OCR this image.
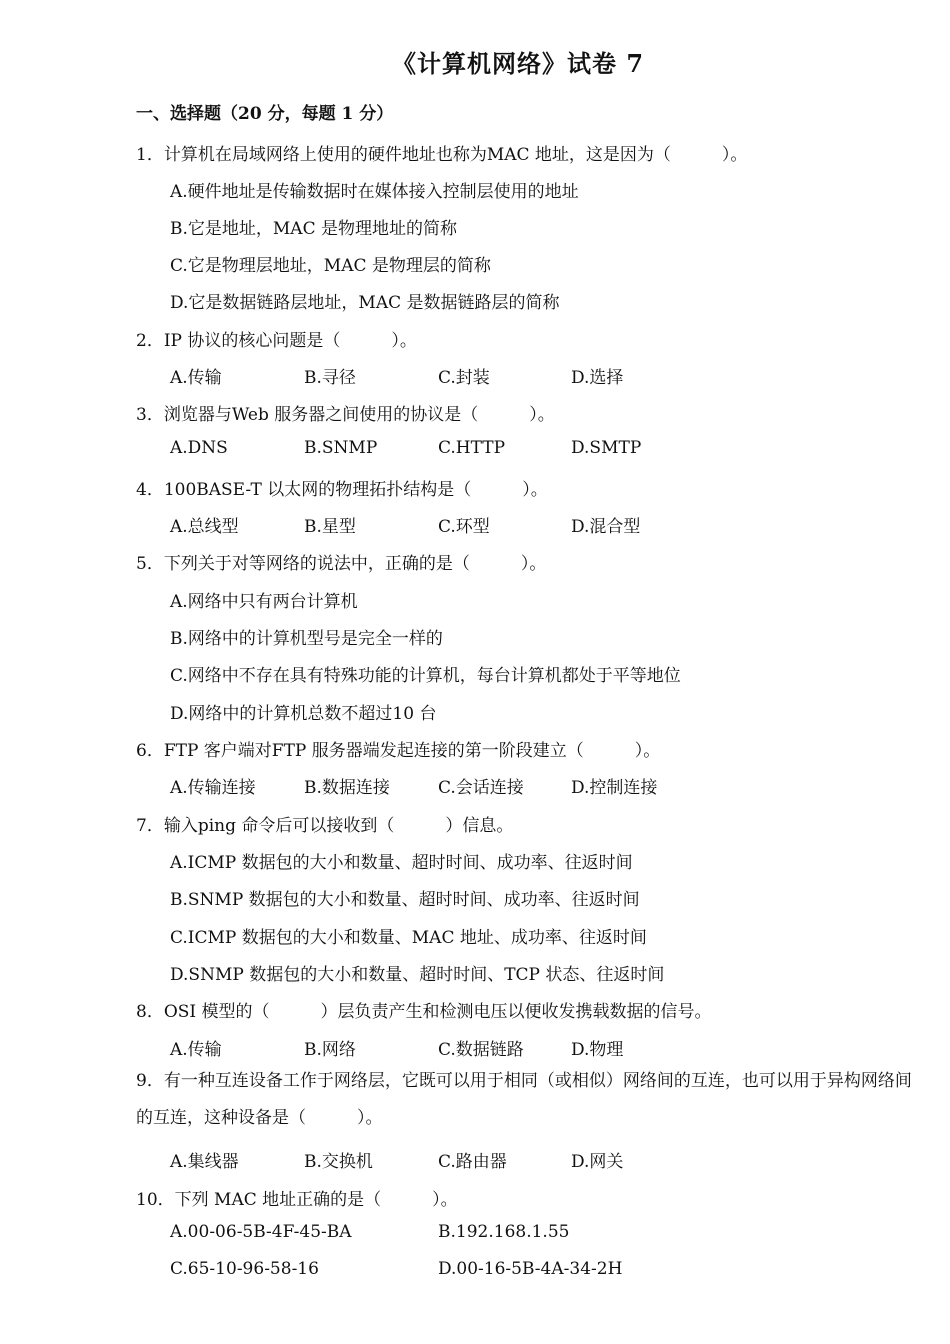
《计算机网络》试卷 7
一、选择题（20 分，每题 1 分）
1．计算机在局域网络上使用的硬件地址也称为MAC 地址，这是因为（　　　）。
A.硬件地址是传输数据时在媒体接入控制层使用的地址
B.它是地址，MAC 是物理地址的简称
C.它是物理层地址，MAC 是物理层的简称
D.它是数据链路层地址，MAC 是数据链路层的简称
2．IP 协议的核心问题是（　　　）。
A.传输	B.寻径	C.封装	D.选择
3．浏览器与Web 服务器之间使用的协议是（　　　）。
A.DNS	B.SNMP	C.HTTP	D.SMTP
4．100BASE-T 以太网的物理拓扑结构是（　　　）。
A.总线型	B.星型	C.环型	D.混合型
5．下列关于对等网络的说法中，正确的是（　　　）。
A.网络中只有两台计算机
B.网络中的计算机型号是完全一样的
C.网络中不存在具有特殊功能的计算机，每台计算机都处于平等地位
D.网络中的计算机总数不超过10 台
6．FTP 客户端对FTP 服务器端发起连接的第一阶段建立（　　　）。
A.传输连接	B.数据连接	C.会话连接	D.控制连接
7．输入ping 命令后可以接收到（　　　）信息。
A.ICMP 数据包的大小和数量、超时时间、成功率、往返时间
B.SNMP 数据包的大小和数量、超时时间、成功率、往返时间
C.ICMP 数据包的大小和数量、MAC 地址、成功率、往返时间
D.SNMP 数据包的大小和数量、超时时间、TCP 状态、往返时间
8．OSI 模型的（　　　）层负责产生和检测电压以便收发携载数据的信号。
A.传输	B.网络	C.数据链路	D.物理
9．有一种互连设备工作于网络层，它既可以用于相同（或相似）网络间的互连，也可以用于异构网络间的互连，这种设备是（　　　）。
A.集线器	B.交换机	C.路由器	D.网关
10．下列 MAC 地址正确的是（　　　）。
A.00-06-5B-4F-45-BA	B.192.168.1.55
C.65-10-96-58-16	D.00-16-5B-4A-34-2H
